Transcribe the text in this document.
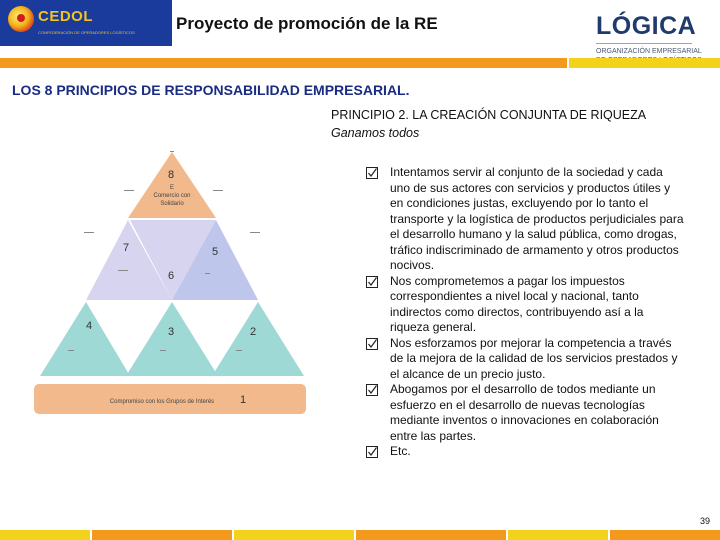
CEDOL
CONFEDERACIÓN DE OPERADORES LOGÍSTICOS Proyecto de promoción de la RE	LÓGICA
ORGANIZACIÓN EMPRESARIAL
LOS 8 PRINCIPIOS DE RESPONSABILIDAD EMPRESARIAL.
8
7
6
5
4	3	2
1
E
Comercio con
Solidario
Compromiso con los Grupos de Interés
PRINCIPIO 2. LA CREACIÓN CONJUNTA DE RIQUEZA
Ganamos todos
Intentamos servir al conjunto de la sociedad y cada uno de sus actores con servicios y productos útiles y en condiciones justas, excluyendo por lo tanto el transporte y la logística de productos perjudiciales para el desarrollo humano y la salud pública, como drogas, tráfico indiscriminado de armamento y otros productos nocivos.
Nos comprometemos a pagar los impuestos correspondientes a nivel local y nacional, tanto indirectos como directos, contribuyendo así a la riqueza general.
Nos esforzamos por mejorar la competencia a través de la mejora de la calidad de los servicios prestados y el alcance de un precio justo.
Abogamos por el desarrollo de todos mediante un esfuerzo en el desarrollo de nuevas tecnologías mediante inventos o innovaciones en colaboración entre las partes.
Etc.
39
